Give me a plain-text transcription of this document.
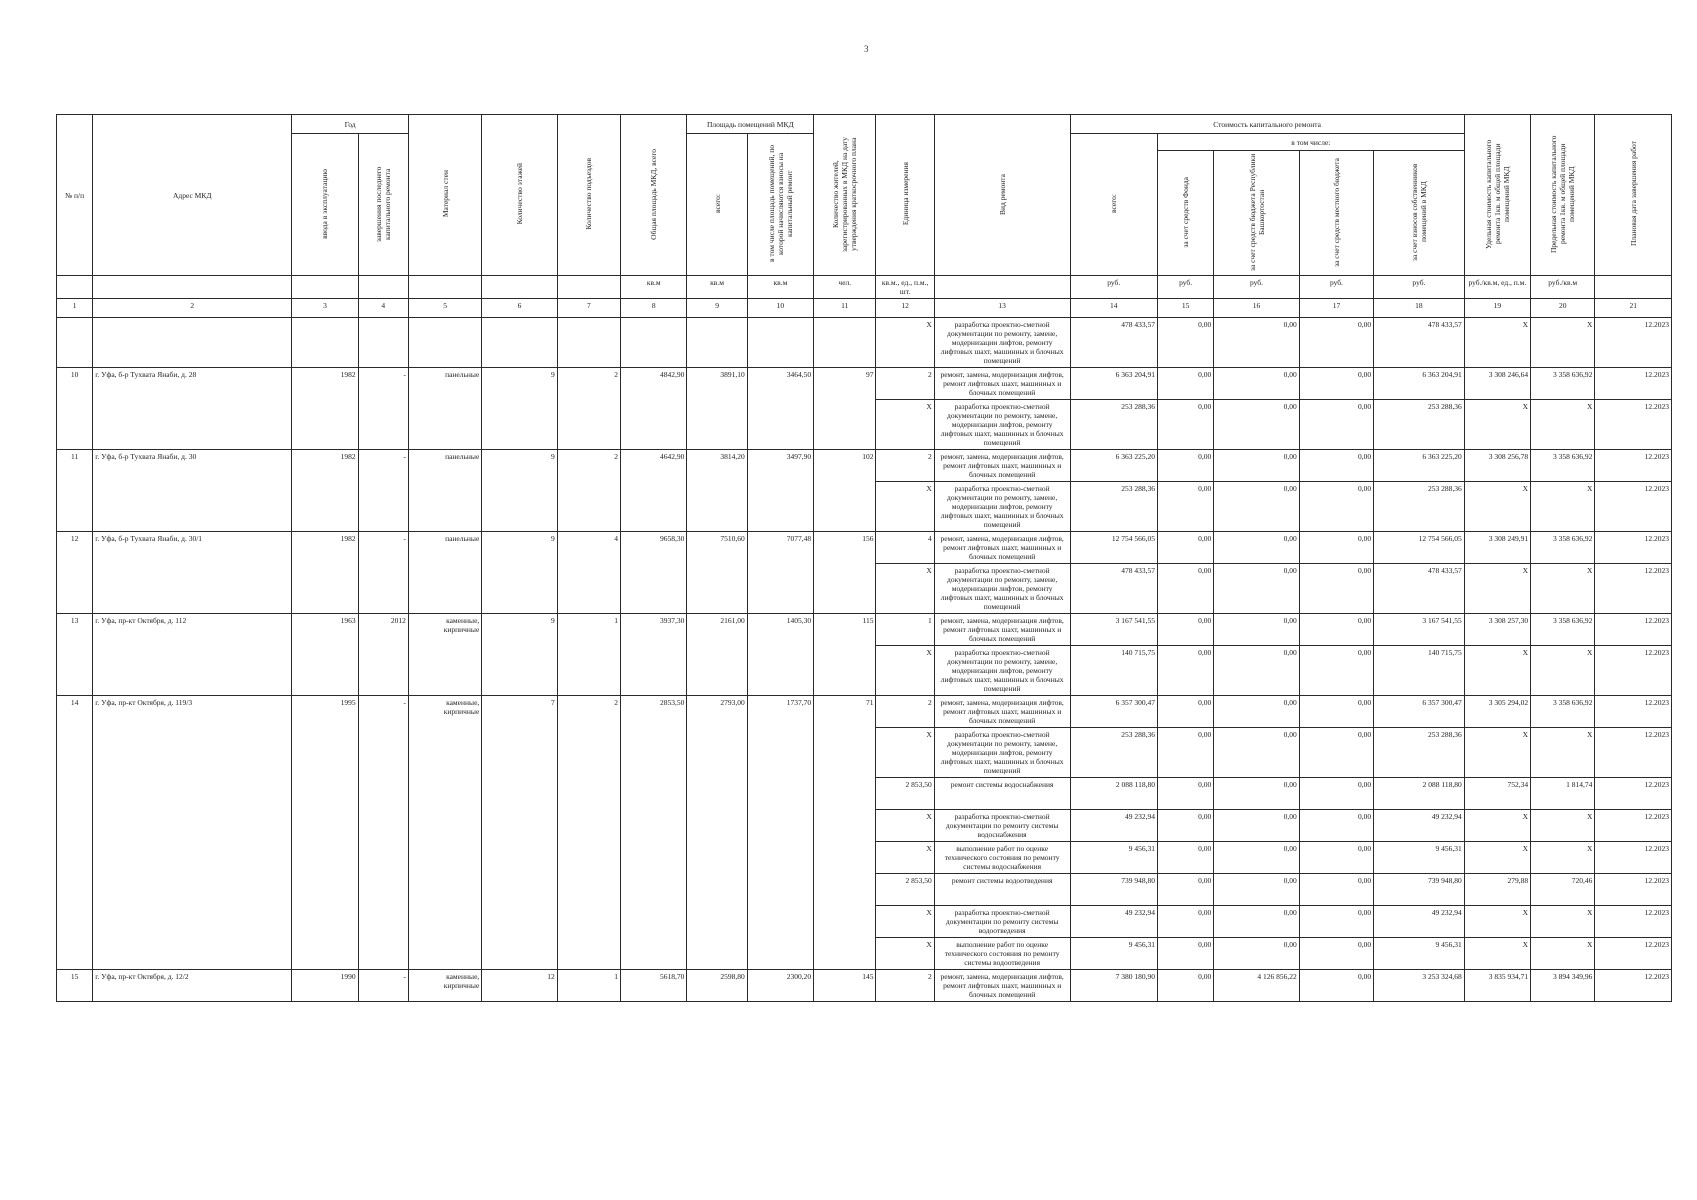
3
№ п/п	Адрес МКД	Год		Материал стен	Количество этажей	Количество подъездов	Общая площадь МКД, всего	Площадь помещений МКД		Количество жителей, зарегистрированных в МКД на дату утверждения краткосрочного плана	Единица измерения	Вид ремонта	Стоимость капитального ремонта					Удельная стоимость капитального ремонта 1кв. м общей площади помещений МКД	Предельная стоимость капитального ремонта 1кв. м общей площади помещений МКД	Плановая дата завершения работ
		ввода в эксплуатацию	завершения последнего капитального ремонта					всего:	в том числе площадь помещений, по которой начисляются взносы на капитальный ремонт				всего:	в том числе:						
														за счет средств Фонда	за счет средств бюджета Республики Башкортостан	за счет средств местного бюджета	за счет взносов собственников помещений в МКД			
							кв.м	кв.м	кв.м	чел.	кв.м., ед., п.м., шт.		руб.	руб.	руб.	руб.	руб.	руб./кв.м, ед., п.м.	руб./кв.м	
1	2	3	4	5	6	7	8	9	10	11	12	13	14	15	16	17	18	19	20	21
											X	разработка проектно-сметной документации по ремонту, замене, модернизации лифтов, ремонту лифтовых шахт, машинных и блочных помещений	478 433,57	0,00	0,00	0,00	478 433,57	X	X	12.2023
10	г. Уфа, б-р Тухвата Янаби, д. 28	1982	-	панельные	9	2	4842,90	3891,10	3464,50	97	2	ремонт, замена, модернизация лифтов, ремонт лифтовых шахт, машинных и блочных помещений	6 363 204,91	0,00	0,00	0,00	6 363 204,91	3 308 246,64	3 358 636,92	12.2023
											X	разработка проектно-сметной документации по ремонту, замене, модернизации лифтов, ремонту лифтовых шахт, машинных и блочных помещений	253 288,36	0,00	0,00	0,00	253 288,36	X	X	12.2023
11	г. Уфа, б-р Тухвата Янаби, д. 30	1982	-	панельные	9	2	4642,90	3814,20	3497,90	102	2	ремонт, замена, модернизация лифтов, ремонт лифтовых шахт, машинных и блочных помещений	6 363 225,20	0,00	0,00	0,00	6 363 225,20	3 308 256,78	3 358 636,92	12.2023
											X	разработка проектно-сметной документации по ремонту, замене, модернизации лифтов, ремонту лифтовых шахт, машинных и блочных помещений	253 288,36	0,00	0,00	0,00	253 288,36	X	X	12.2023
12	г. Уфа, б-р Тухвата Янаби, д. 30/1	1982	-	панельные	9	4	9658,30	7510,60	7077,48	156	4	ремонт, замена, модернизация лифтов, ремонт лифтовых шахт, машинных и блочных помещений	12 754 566,05	0,00	0,00	0,00	12 754 566,05	3 308 249,91	3 358 636,92	12.2023
											X	разработка проектно-сметной документации по ремонту, замене, модернизации лифтов, ремонту лифтовых шахт, машинных и блочных помещений	478 433,57	0,00	0,00	0,00	478 433,57	X	X	12.2023
13	г. Уфа, пр-кт Октября, д. 112	1963	2012	каменные, кирпичные	9	1	3937,30	2161,00	1405,30	115	1	ремонт, замена, модернизация лифтов, ремонт лифтовых шахт, машинных и блочных помещений	3 167 541,55	0,00	0,00	0,00	3 167 541,55	3 308 257,30	3 358 636,92	12.2023
											X	разработка проектно-сметной документации по ремонту, замене, модернизации лифтов, ремонту лифтовых шахт, машинных и блочных помещений	140 715,75	0,00	0,00	0,00	140 715,75	X	X	12.2023
14	г. Уфа, пр-кт Октября, д. 119/3	1995	-	каменные, кирпичные	7	2	2853,50	2793,00	1737,70	71	2	ремонт, замена, модернизация лифтов, ремонт лифтовых шахт, машинных и блочных помещений	6 357 300,47	0,00	0,00	0,00	6 357 300,47	3 305 294,02	3 358 636,92	12.2023
											X	разработка проектно-сметной документации по ремонту, замене, модернизации лифтов, ремонту лифтовых шахт, машинных и блочных помещений	253 288,36	0,00	0,00	0,00	253 288,36	X	X	12.2023
											2 853,50	ремонт системы водоснабжения	2 088 118,80	0,00	0,00	0,00	2 088 118,80	752,34	1 814,74	12.2023
											X	разработка проектно-сметной документации по ремонту системы водоснабжения	49 232,94	0,00	0,00	0,00	49 232,94	X	X	12.2023
											X	выполнение работ по оценке технического состояния по ремонту системы водоснабжения	9 456,31	0,00	0,00	0,00	9 456,31	X	X	12.2023
											2 853,50	ремонт системы водоотведения	739 948,80	0,00	0,00	0,00	739 948,80	279,88	720,46	12.2023
											X	разработка проектно-сметной документации по ремонту системы водоотведения	49 232,94	0,00	0,00	0,00	49 232,94	X	X	12.2023
											X	выполнение работ по оценке технического состояния по ремонту системы водоотведения	9 456,31	0,00	0,00	0,00	9 456,31	X	X	12.2023
15	г. Уфа, пр-кт Октября, д. 12/2	1990	-	каменные, кирпичные	12	1	5618,70	2598,80	2300,20	145	2	ремонт, замена, модернизация лифтов, ремонт лифтовых шахт, машинных и блочных помещений	7 380 180,90	0,00	4 126 856,22	0,00	3 253 324,68	3 835 934,71	3 894 349,96	12.2023
